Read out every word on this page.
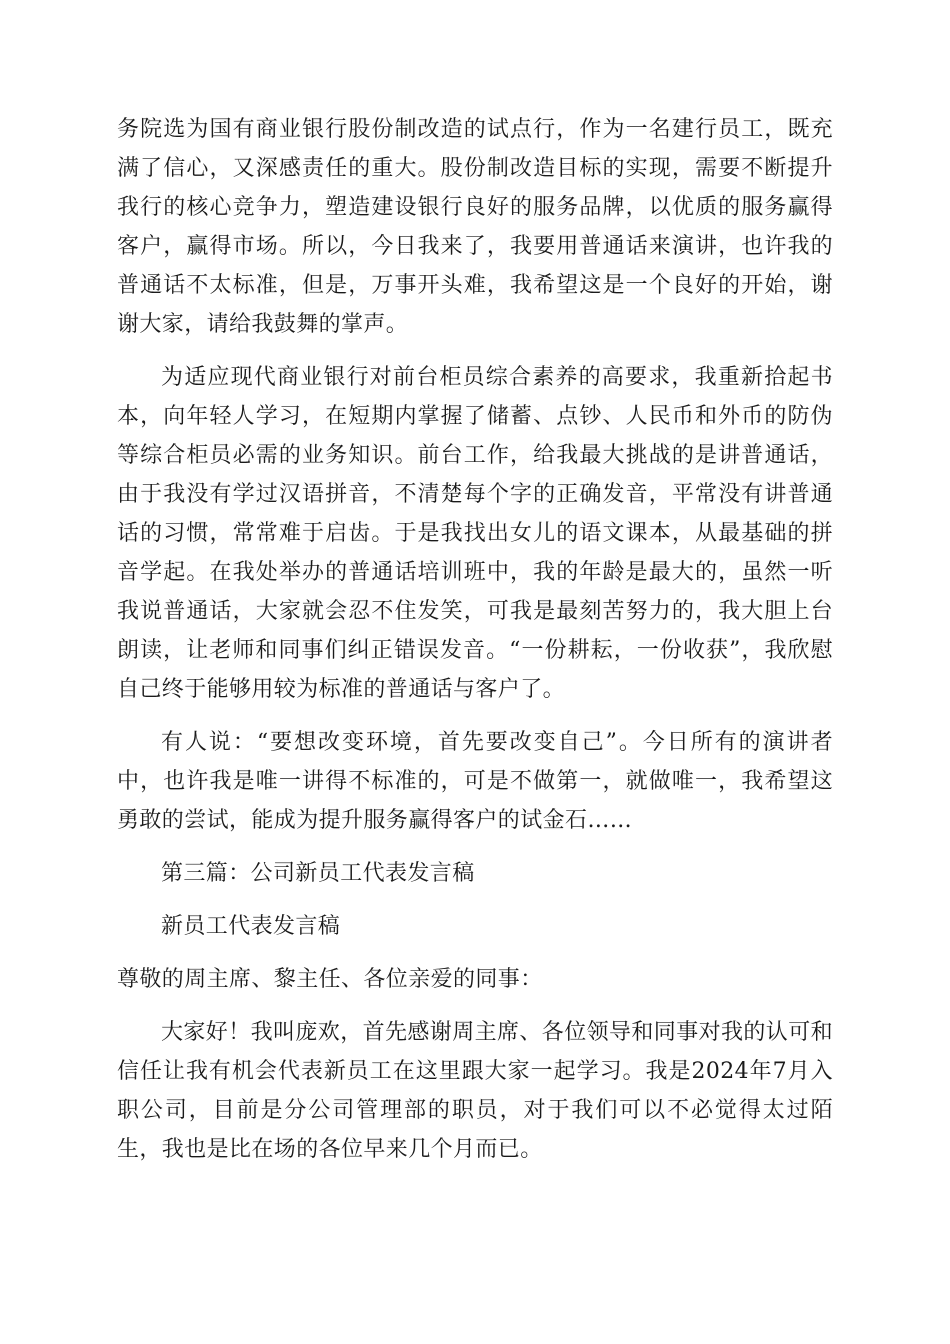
务院选为国有商业银行股份制改造的试点行，作为一名建行员工，既充满了信心，又深感责任的重大。股份制改造目标的实现，需要不断提升我行的核心竞争力，塑造建设银行良好的服务品牌，以优质的服务赢得客户，赢得市场。所以，今日我来了，我要用普通话来演讲，也许我的普通话不太标准，但是，万事开头难，我希望这是一个良好的开始，谢谢大家，请给我鼓舞的掌声。

为适应现代商业银行对前台柜员综合素养的高要求，我重新拾起书本，向年轻人学习，在短期内掌握了储蓄、点钞、人民币和外币的防伪等综合柜员必需的业务知识。前台工作，给我最大挑战的是讲普通话，由于我没有学过汉语拼音，不清楚每个字的正确发音，平常没有讲普通话的习惯，常常难于启齿。于是我找出女儿的语文课本，从最基础的拼音学起。在我处举办的普通话培训班中，我的年龄是最大的，虽然一听我说普通话，大家就会忍不住发笑，可我是最刻苦努力的，我大胆上台朗读，让老师和同事们纠正错误发音。“一份耕耘，一份收获”，我欣慰自己终于能够用较为标准的普通话与客户了。

有人说：“要想改变环境，首先要改变自己”。今日所有的演讲者中，也许我是唯一讲得不标准的，可是不做第一，就做唯一，我希望这勇敢的尝试，能成为提升服务赢得客户的试金石……

第三篇：公司新员工代表发言稿

新员工代表发言稿

尊敬的周主席、黎主任、各位亲爱的同事：

大家好！我叫庞欢，首先感谢周主席、各位领导和同事对我的认可和信任让我有机会代表新员工在这里跟大家一起学习。我是2024年7月入职公司，目前是分公司管理部的职员，对于我们可以不必觉得太过陌生，我也是比在场的各位早来几个月而已。
